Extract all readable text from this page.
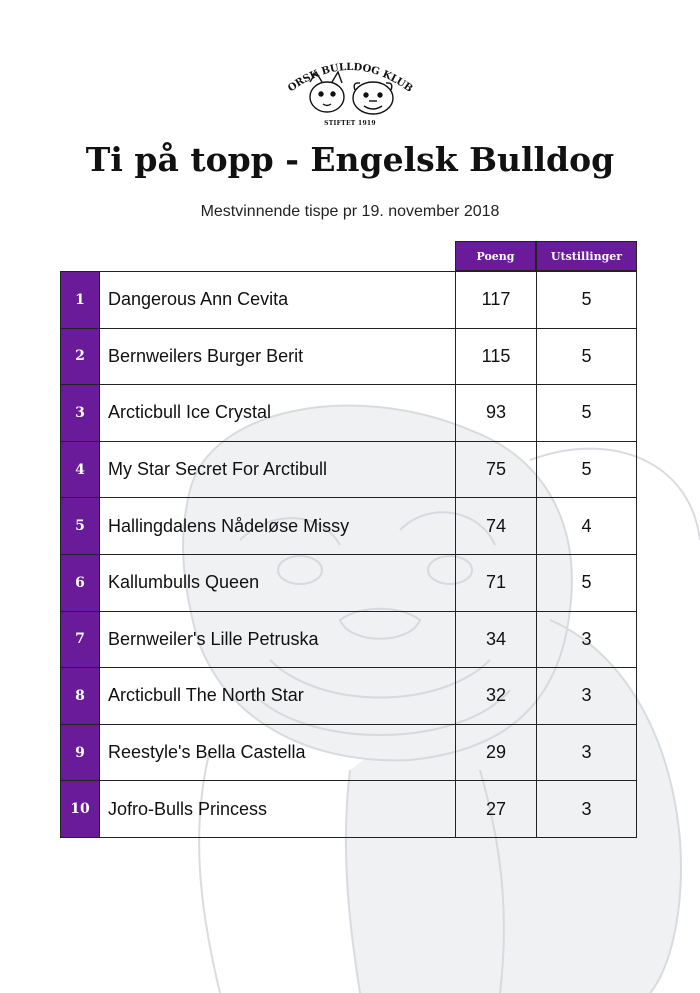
ORSK BULLDOG KLUB
STIFTET 1919
Ti på topp - Engelsk Bulldog
Mestvinnende tispe pr 19. november 2018
Poeng	Utstillinger
1	Dangerous Ann Cevita	117	5
2	Bernweilers Burger Berit	115	5
3	Arcticbull Ice Crystal	93	5
4	My Star Secret For Arctibull	75	5
5	Hallingdalens Nådeløse Missy	74	4
6	Kallumbulls Queen	71	5
7	Bernweiler's Lille Petruska	34	3
8	Arcticbull The North Star	32	3
9	Reestyle's Bella Castella	29	3
10	Jofro-Bulls Princess	27	3
